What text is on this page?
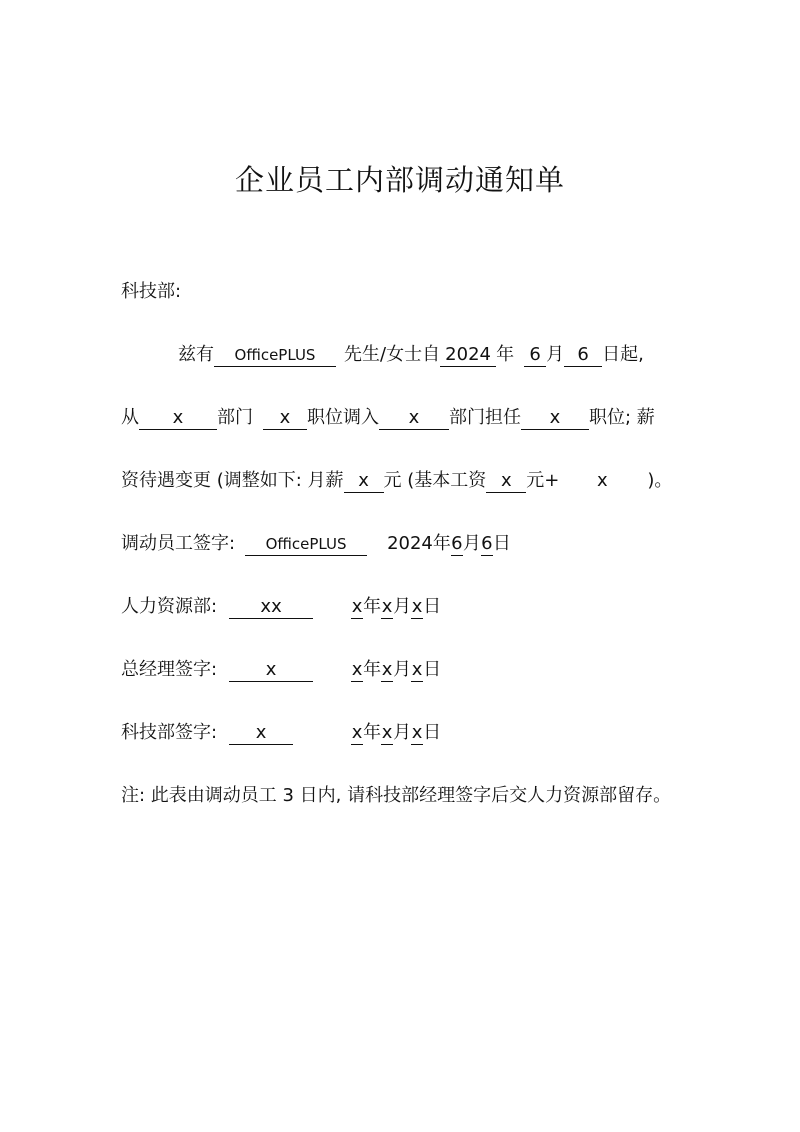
企业员工内部调动通知单
科技部:
兹有 OfficePLUS 先生/女士自 2024 年 6 月 6 日起,
从 x 部门 x 职位调入 x 部门担任 x 职位; 薪
资待遇变更 (调整如下: 月薪 x 元 (基本工资 x 元+ x )。
调动员工签字: OfficePLUS 2024年6月6日
人力资源部: xx	x年x月x日
总经理签字:	x	x年x月x日
科技部签字: x	x年x月x日
注: 此表由调动员工 3 日内, 请科技部经理签字后交人力资源部留存。
